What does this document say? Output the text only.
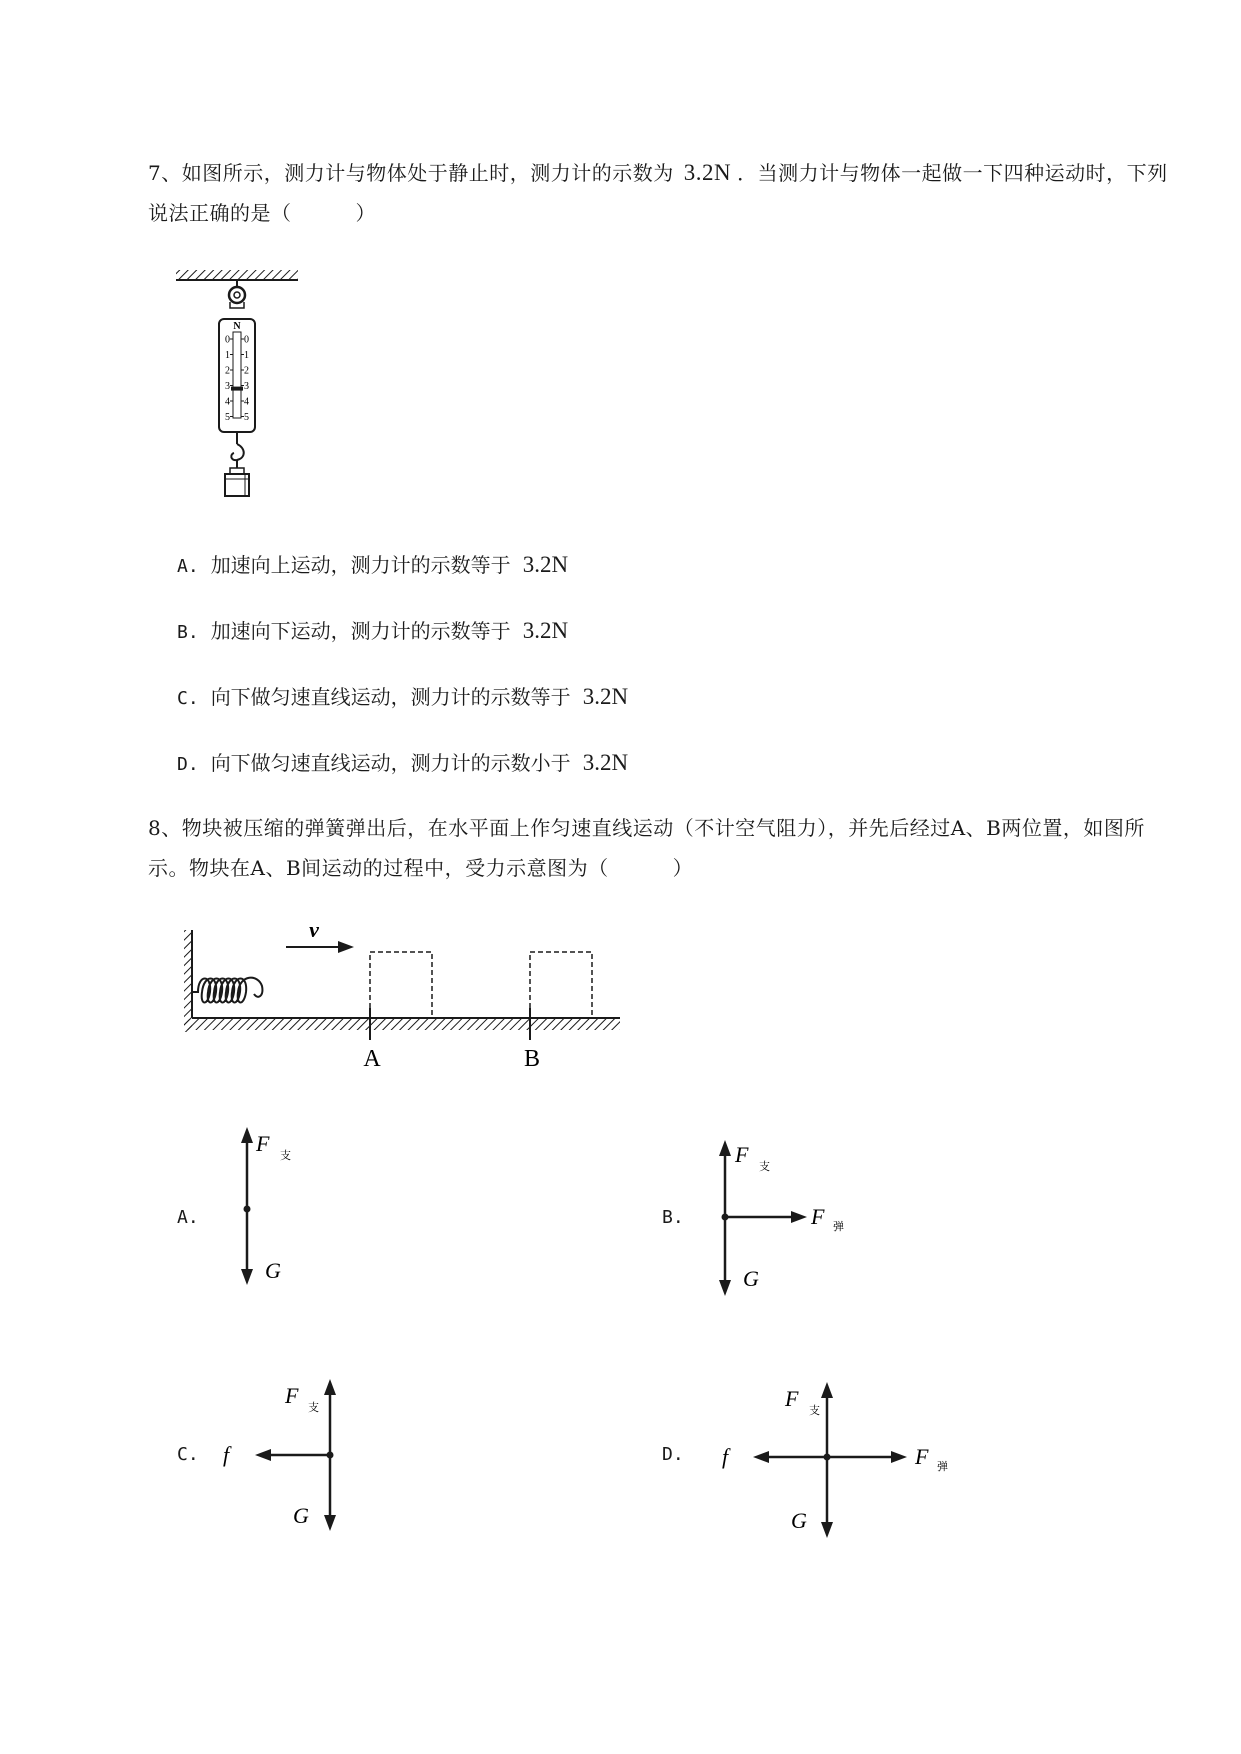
7、如图所示，测力计与物体处于静止时，测力计的示数为 3.2N ．当测力计与物体一起做一下四种运动时，下列说法正确的是（	）

N
0 0
1 1
2 2
3 3
4 4
5 5

A. 加速向上运动，测力计的示数等于 3.2N

B. 加速向下运动，测力计的示数等于 3.2N

C. 向下做匀速直线运动，测力计的示数等于 3.2N

D. 向下做匀速直线运动，测力计的示数小于 3.2N

8、物块被压缩的弹簧弹出后，在水平面上作匀速直线运动（不计空气阻力），并先后经过A、B两位置，如图所示。物块在A、B间运动的过程中，受力示意图为（	）

v
A	B
A.
F 支
G
B.
F 支
F 弹
G
C.
F 支
f
G
D.
F 支
f	F 弹
G
